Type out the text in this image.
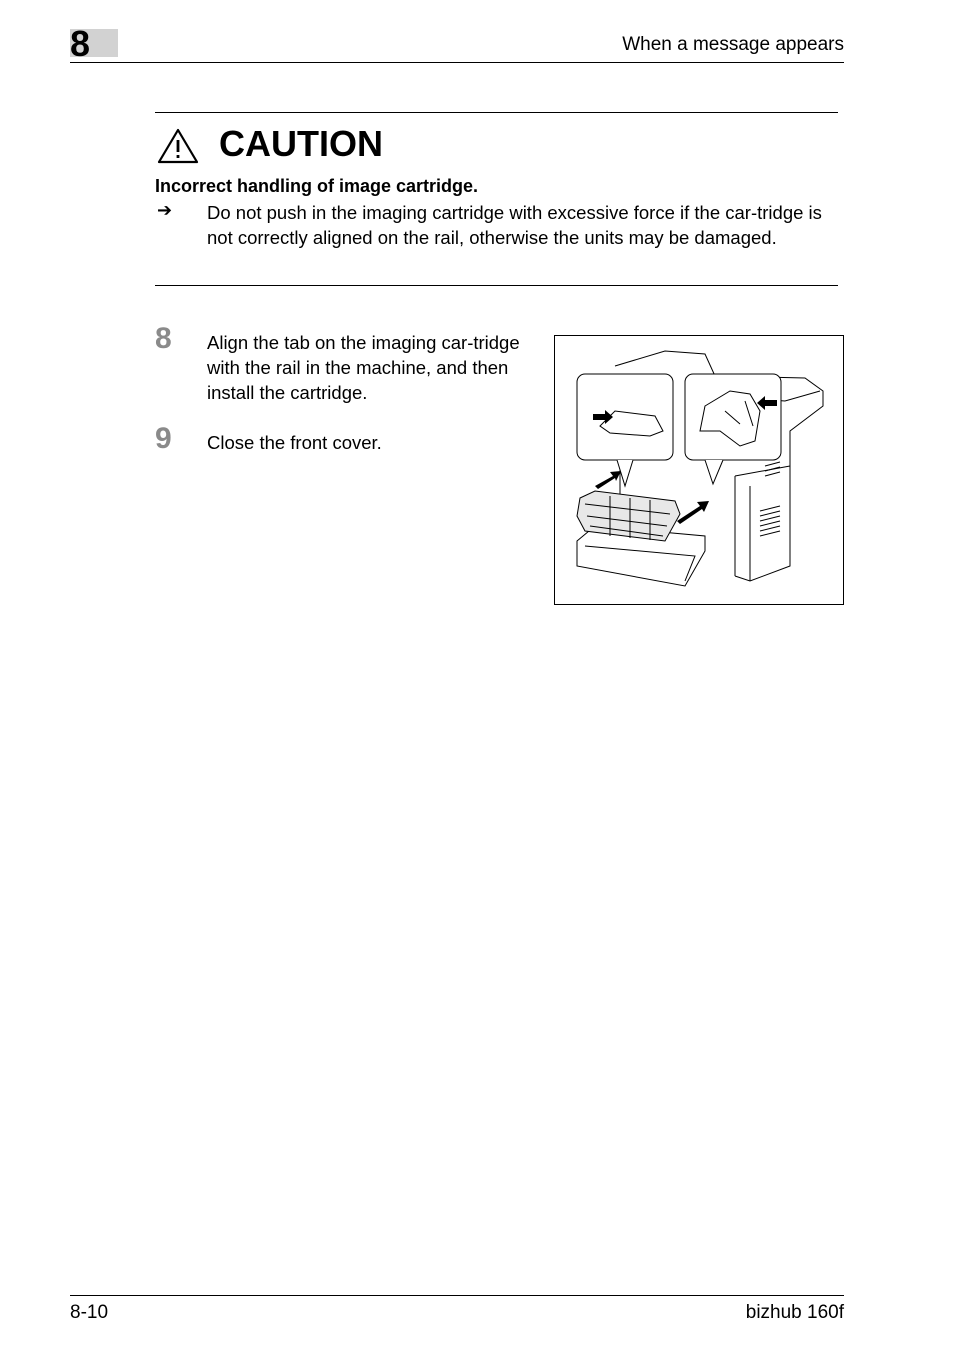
8	When a message appears
CAUTION
Incorrect handling of image cartridge.
➔ Do not push in the imaging cartridge with excessive force if the car-tridge is not correctly aligned on the rail, otherwise the units may be damaged.
8 Align the tab on the imaging car-tridge with the rail in the machine, and then install the cartridge.
9 Close the front cover.
8-10	bizhub 160f
